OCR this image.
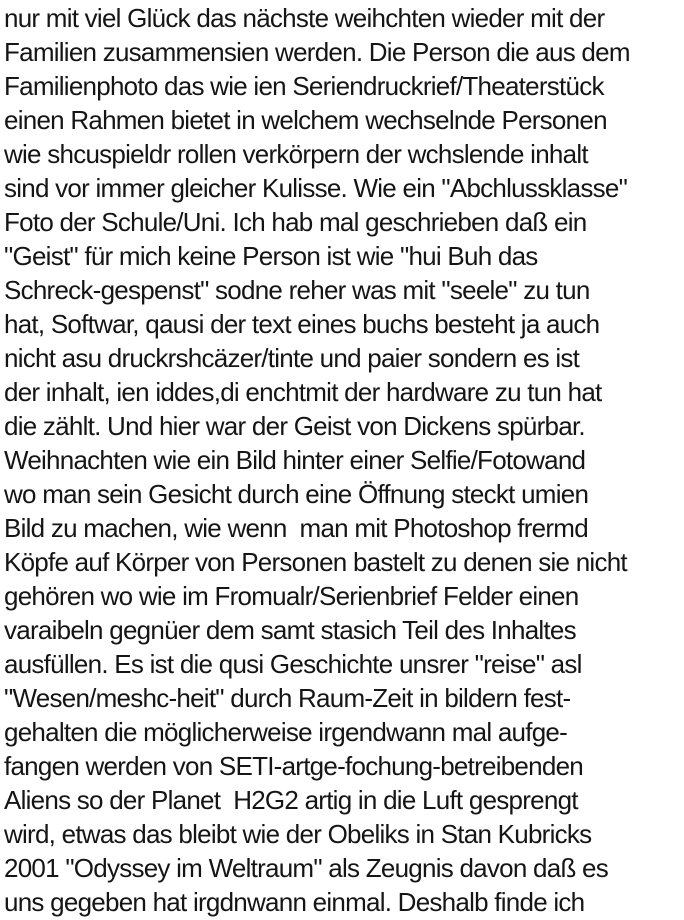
nur mit viel Glück das nächste weihchten wieder mit der
Familien zusammensien werden. Die Person die aus dem
Familienphoto das wie ien Seriendruckrief/Theaterstück
einen Rahmen bietet in welchem wechselnde Personen
wie shcuspieldr rollen verkörpern der wchslende inhalt
sind vor immer gleicher Kulisse. Wie ein "Abchlussklasse"
Foto der Schule/Uni. Ich hab mal geschrieben daß ein
"Geist" für mich keine Person ist wie "hui Buh das
Schreck-gespenst" sodne reher was mit "seele" zu tun
hat, Softwar, qausi der text eines buchs besteht ja auch
nicht asu druckrshcäzer/tinte und paier sondern es ist
der inhalt, ien iddes,di enchtmit der hardware zu tun hat
die zählt. Und hier war der Geist von Dickens spürbar.
Weihnachten wie ein Bild hinter einer Selfie/Fotowand
wo man sein Gesicht durch eine Öffnung steckt umien
Bild zu machen, wie wenn  man mit Photoshop frermd
Köpfe auf Körper von Personen bastelt zu denen sie nicht
gehören wo wie im Fromualr/Serienbrief Felder einen
varaibeln gegnüer dem samt stasich Teil des Inhaltes
ausfüllen. Es ist die qusi Geschichte unsrer "reise" asl
"Wesen/meshc-heit" durch Raum-Zeit in bildern fest-
gehalten die möglicherweise irgendwann mal aufge-
fangen werden von SETI-artge-fochung-betreibenden
Aliens so der Planet  H2G2 artig in die Luft gesprengt
wird, etwas das bleibt wie der Obeliks in Stan Kubricks
2001 "Odyssey im Weltraum" als Zeugnis davon daß es
uns gegeben hat irgdnwann einmal. Deshalb finde ich
